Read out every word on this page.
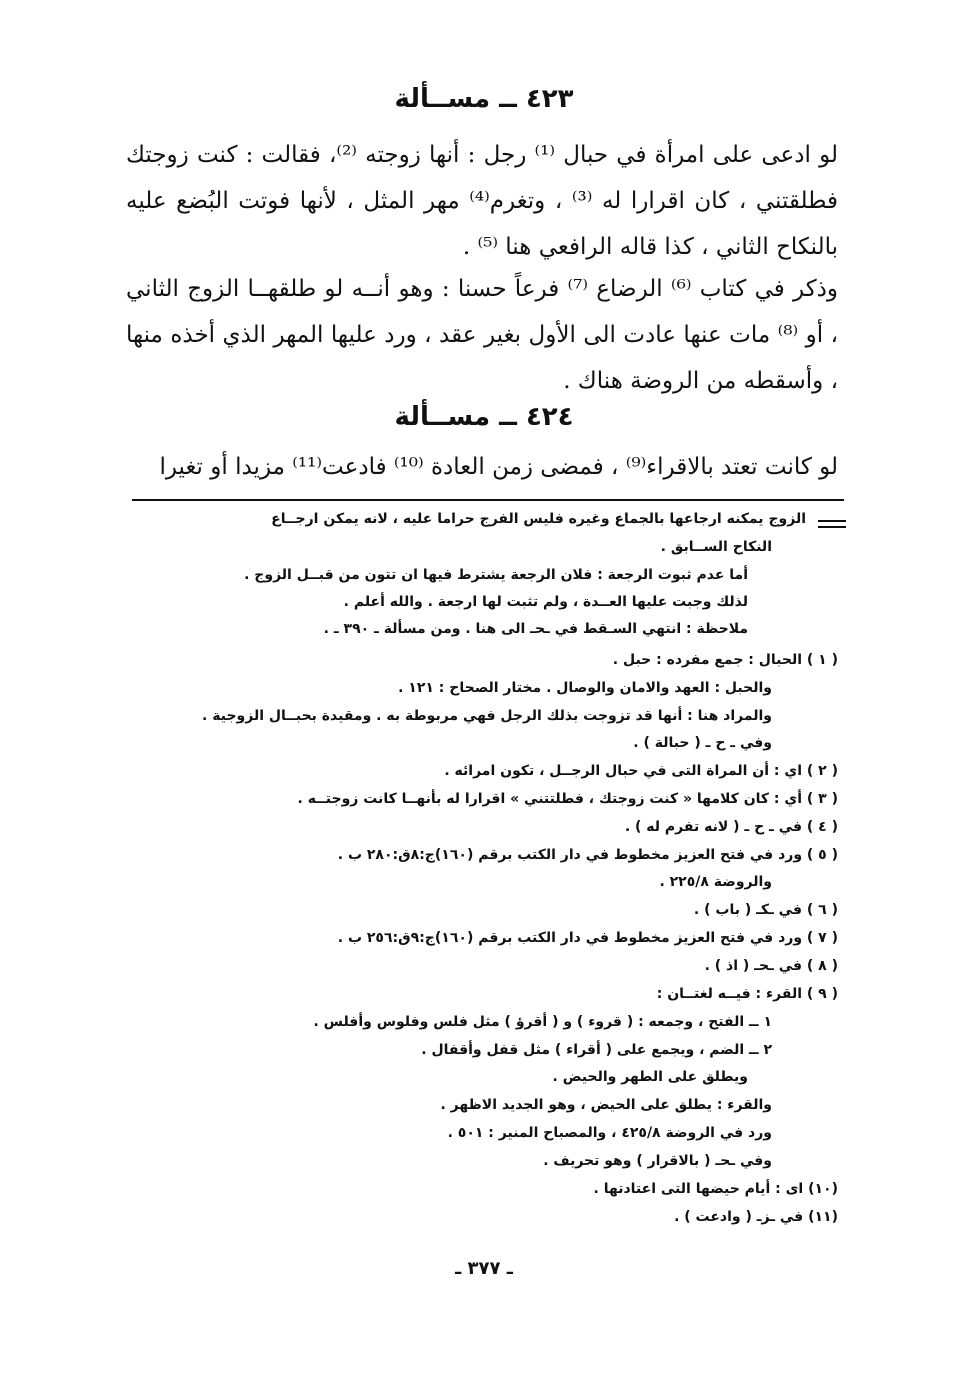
٤٢٣ ــ مســألة
لو ادعى على امرأة في حبال ⁽¹⁾ رجل : أنها زوجته ⁽²⁾، فقالت : كنت زوجتك فطلقتني ، كان اقرارا له ⁽³⁾ ، وتغرم⁽⁴⁾ مهر المثل ، لأنها فوتت البُضع عليه بالنكاح الثاني ، كذا قاله الرافعي هنا ⁽⁵⁾ .
وذكر في كتاب ⁽⁶⁾ الرضاع ⁽⁷⁾ فرعاً حسنا : وهو أنــه لو طلقهــا الزوج الثاني ، أو ⁽⁸⁾ مات عنها عادت الى الأول بغير عقد ، ورد عليها المهر الذي أخذه منها ، وأسقطه من الروضة هناك .
٤٢٤ ــ مســألة
لو كانت تعتد بالاقراء⁽⁹⁾ ، فمضى زمن العادة ⁽¹⁰⁾ فادعت⁽¹¹⁾ مزيدا أو تغيرا
الزوج يمكنه ارجاعها بالجماع وغيره فليس الفرج حراما عليه ، لانه يمكن ارجــاع
النكاح الســابق .
أما عدم ثبوت الرجعة : فلان الرجعة يشترط فيها ان تتون من قبــل الزوج .
لذلك وجبت عليها العــدة ، ولم تثبت لها ارجعة . والله أعلم .
ملاحظة : انتهي السـقط في ـحـ الى هنا . ومن مسألة ـ ٣٩٠ ـ .
( ١ ) الحبال : جمع مفرده : حبل .
والحبل : العهد والامان والوصال . مختار الصحاح : ١٢١ .
والمراد هنا : أنها قد تزوجت بذلك الرجل فهي مربوطة به . ومقيدة بحبــال الزوجية .
وفي ـ ح ـ ( حبالة ) .
( ٢ ) اي : أن المراة التى في حبال الرجــل ، تكون امرائه .
( ٣ ) أي : كان كلامها « كنت زوجتك ، فطلتتني » اقرارا له بأنهــا كانت زوجتــه .
( ٤ ) في ـ ح ـ ( لانه تفرم له ) .
( ٥ ) ورد في فتح العزيز مخطوط في دار الكتب برقم (١٦٠)ج:٨ق:٢٨٠ ب .
والروضة ٢٢٥/٨ .
( ٦ ) في ـكـ ( باب ) .
( ٧ ) ورد في فتح العزيز مخطوط في دار الكتب برقم (١٦٠)ج:٩ق:٢٥٦ ب .
( ٨ ) في ـحـ ( اذ ) .
( ٩ ) القرء : فيــه لغتــان :
١ ــ الفتح ، وجمعه : ( قروء ) و ( أقرؤ ) مثل فلس وفلوس وأفلس .
٢ ــ الضم ، ويجمع على ( أقراء ) مثل قفل وأقفال .
ويطلق على الطهر والحيض .
والقرء : يطلق على الحيض ، وهو الجديد الاظهر .
ورد في الروضة ٤٢٥/٨ ، والمصباح المنير : ٥٠١ .
وفي ـحـ ( بالاقرار ) وهو تحريف .
(١٠) اى : أيام حيضها التى اعتادتها .
(١١) في ـزـ ( وادعت ) .
ـ ٣٧٧ ـ
